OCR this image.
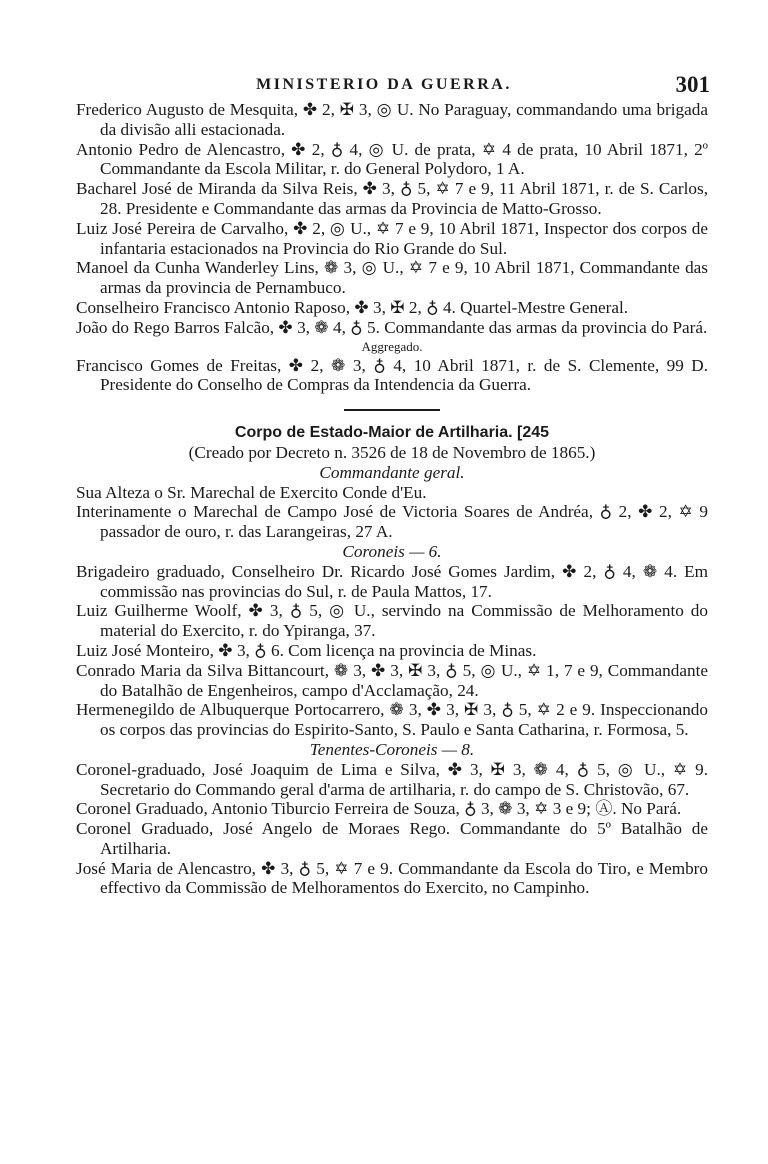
MINISTERIO DA GUERRA.	301

Frederico Augusto de Mesquita, ✤ 2, ✠ 3, ◎ U. No Paraguay, commandando uma brigada da divisão alli estacionada.

Antonio Pedro de Alencastro, ✤ 2, ♁ 4, ◎ U. de prata, ✡ 4 de prata, 10 Abril 1871, 2º Commandante da Escola Militar, r. do General Polydoro, 1 A.

Bacharel José de Miranda da Silva Reis, ✤ 3, ♁ 5, ✡ 7 e 9, 11 Abril 1871, r. de S. Carlos, 28. Presidente e Commandante das armas da Provincia de Matto-Grosso.

Luiz José Pereira de Carvalho, ✤ 2, ◎ U., ✡ 7 e 9, 10 Abril 1871, Inspector dos corpos de infantaria estacionados na Provincia do Rio Grande do Sul.

Manoel da Cunha Wanderley Lins, ❁ 3, ◎ U., ✡ 7 e 9, 10 Abril 1871, Commandante das armas da provincia de Pernambuco.

Conselheiro Francisco Antonio Raposo, ✤ 3, ✠ 2, ♁ 4. Quartel-Mestre General.

João do Rego Barros Falcão, ✤ 3, ❁ 4, ♁ 5. Commandante das armas da provincia do Pará.

Aggregado.

Francisco Gomes de Freitas, ✤ 2, ❁ 3, ♁ 4, 10 Abril 1871, r. de S. Clemente, 99 D. Presidente do Conselho de Compras da Intendencia da Guerra.

Corpo de Estado-Maior de Artilharia. [245

(Creado por Decreto n. 3526 de 18 de Novembro de 1865.)

Commandante geral.

Sua Alteza o Sr. Marechal de Exercito Conde d'Eu.

Interinamente o Marechal de Campo José de Victoria Soares de Andréa, ♁ 2, ✤ 2, ✡ 9 passador de ouro, r. das Larangeiras, 27 A.

Coroneis — 6.

Brigadeiro graduado, Conselheiro Dr. Ricardo José Gomes Jardim, ✤ 2, ♁ 4, ❁ 4. Em commissão nas provincias do Sul, r. de Paula Mattos, 17.

Luiz Guilherme Woolf, ✤ 3, ♁ 5, ◎ U., servindo na Commissão de Melhoramento do material do Exercito, r. do Ypiranga, 37.

Luiz José Monteiro, ✤ 3, ♁ 6. Com licença na provincia de Minas.

Conrado Maria da Silva Bittancourt, ❁ 3, ✤ 3, ✠ 3, ♁ 5, ◎ U., ✡ 1, 7 e 9, Commandante do Batalhão de Engenheiros, campo d'Acclamação, 24.

Hermenegildo de Albuquerque Portocarrero, ❁ 3, ✤ 3, ✠ 3, ♁ 5, ✡ 2 e 9. Inspeccionando os corpos das provincias do Espirito-Santo, S. Paulo e Santa Catharina, r. Formosa, 5.

Tenentes-Coroneis — 8.

Coronel-graduado, José Joaquim de Lima e Silva, ✤ 3, ✠ 3, ❁ 4, ♁ 5, ◎ U., ✡ 9. Secretario do Commando geral d'arma de artilharia, r. do campo de S. Christovão, 67.

Coronel Graduado, Antonio Tiburcio Ferreira de Souza, ♁ 3, ❁ 3, ✡ 3 e 9; Ⓐ. No Pará.

Coronel Graduado, José Angelo de Moraes Rego. Commandante do 5º Batalhão de Artilharia.

José Maria de Alencastro, ✤ 3, ♁ 5, ✡ 7 e 9. Commandante da Escola do Tiro, e Membro effectivo da Commissão de Melhoramentos do Exercito, no Campinho.
